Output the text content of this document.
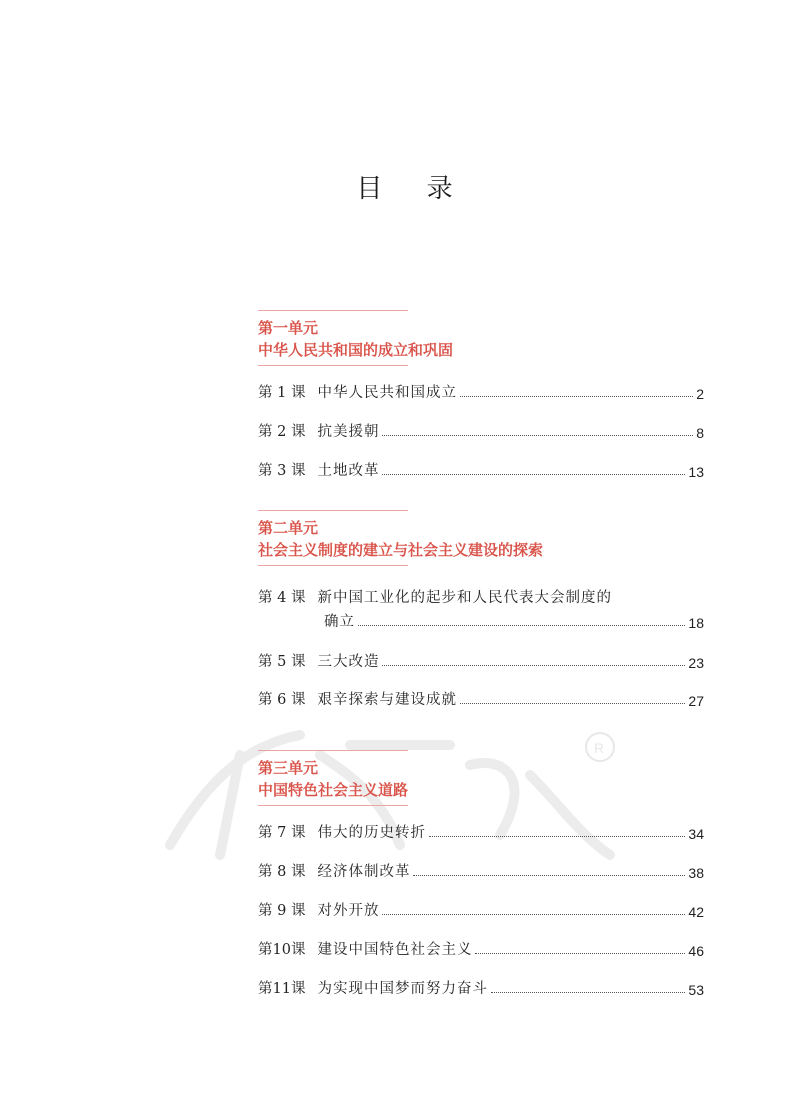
目 录
R
第一单元
中华人民共和国的成立和巩固
第 1 课 中华人民共和国成立	2
第 2 课 抗美援朝	8
第 3 课 土地改革	13
第二单元
社会主义制度的建立与社会主义建设的探索
第 4 课 新中国工业化的起步和人民代表大会制度的
确立	18
第 5 课 三大改造	23
第 6 课 艰辛探索与建设成就	27
第三单元
中国特色社会主义道路
第 7 课 伟大的历史转折	34
第 8 课 经济体制改革	38
第 9 课 对外开放	42
第10课 建设中国特色社会主义	46
第11课 为实现中国梦而努力奋斗	53
